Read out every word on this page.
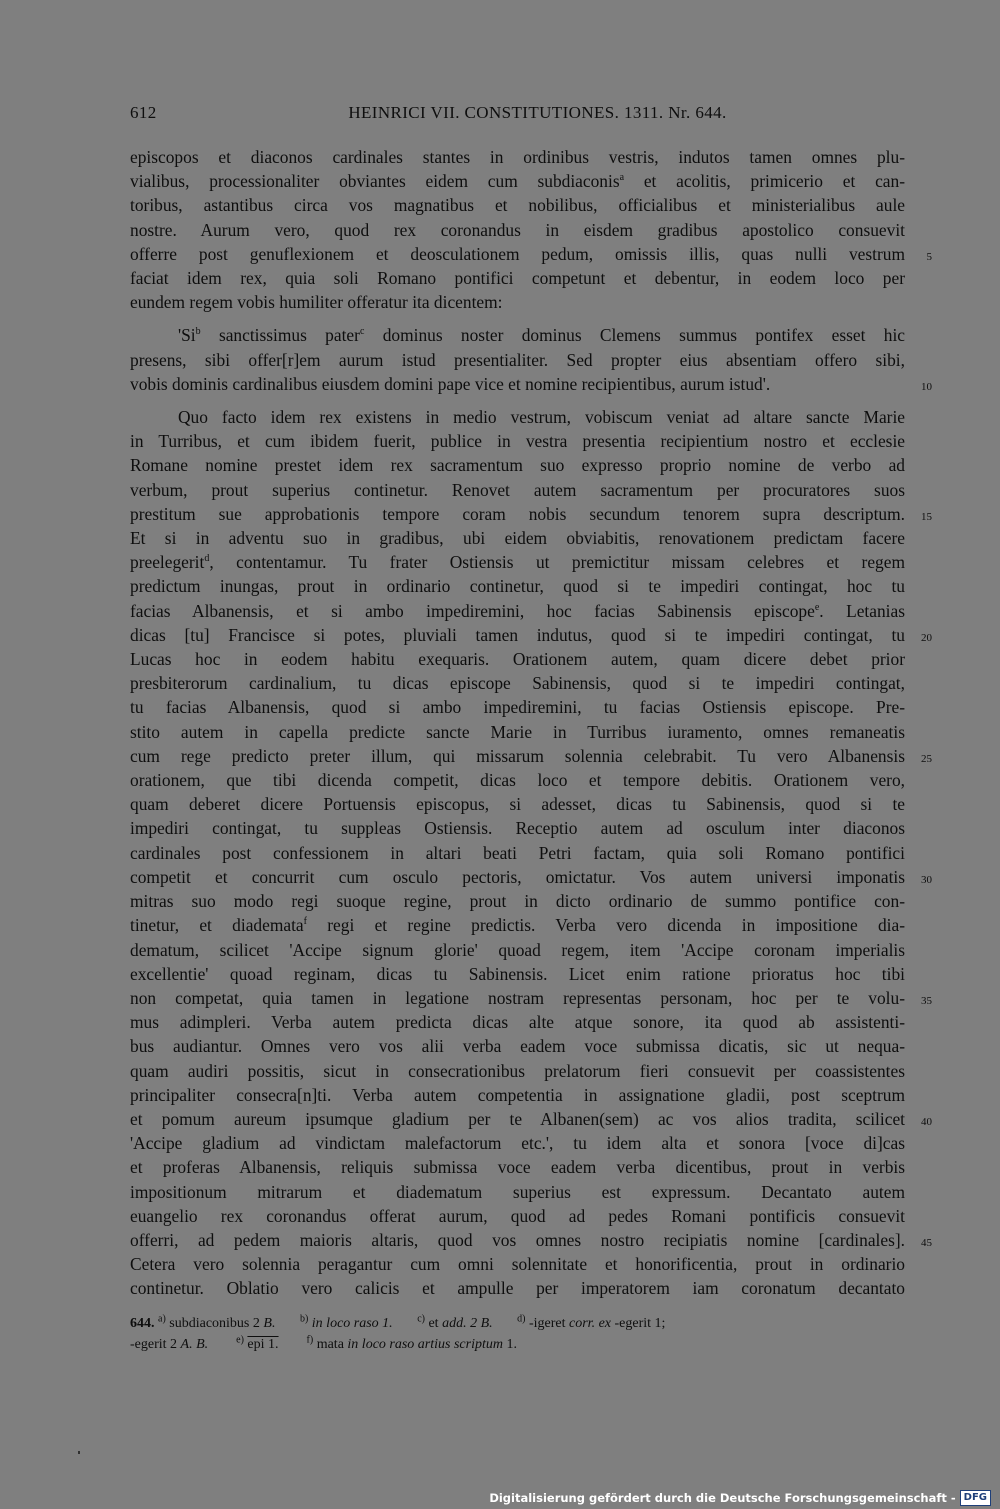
612	HEINRICI VII. CONSTITUTIONES. 1311. Nr. 644.
episcopos et diaconos cardinales stantes in ordinibus vestris, indutos tamen omnes plu-
vialibus, processionaliter obviantes eidem cum subdiaconis$^a$ et acolitis, primicerio et can-
toribus, astantibus circa vos magnatibus et nobilibus, officialibus et ministerialibus aule
nostre. Aurum vero, quod rex coronandus in eisdem gradibus apostolico consuevit
offerre post genuflexionem et deosculationem pedum, omissis illis, quas nulli vestrum 5
faciat idem rex, quia soli Romano pontifici competunt et debentur, in eodem loco per
eundem regem vobis humiliter offeratur ita dicentem:
'Si$^b$ sanctissimus pater$^c$ dominus noster dominus Clemens summus pontifex esset hic
presens, sibi offer[r]em aurum istud presentialiter. Sed propter eius absentiam offero sibi,
vobis dominis cardinalibus eiusdem domini pape vice et nomine recipientibus, aurum istud'.	10
Quo facto idem rex existens in medio vestrum, vobiscum veniat ad altare sancte Marie
in Turribus, et cum ibidem fuerit, publice in vestra presentia recipientium nostro et ecclesie
Romane nomine prestet idem rex sacramentum suo expresso proprio nomine de verbo ad
verbum, prout superius continetur. Renovet autem sacramentum per procuratores suos
prestitum sue approbationis tempore coram nobis secundum tenorem supra descriptum. 15
Et si in adventu suo in gradibus, ubi eidem obviabitis, renovationem predictam facere
preelegerit$^d$, contentamur. Tu frater Ostiensis ut premictitur missam celebres et regem
predictum inungas, prout in ordinario continetur, quod si te impediri contingat, hoc tu
facias Albanensis, et si ambo impediremini, hoc facias Sabinensis episcope$^e$. Letanias
dicas [tu] Francisce si potes, pluviali tamen indutus, quod si te impediri contingat, tu 20
Lucas hoc in eodem habitu exequaris. Orationem autem, quam dicere debet prior
presbiterorum cardinalium, tu dicas episcope Sabinensis, quod si te impediri contingat,
tu facias Albanensis, quod si ambo impediremini, tu facias Ostiensis episcope. Pre-
stito autem in capella predicte sancte Marie in Turribus iuramento, omnes remaneatis
cum rege predicto preter illum, qui missarum solennia celebrabit. Tu vero Albanensis 25
orationem, que tibi dicenda competit, dicas loco et tempore debitis. Orationem vero,
quam deberet dicere Portuensis episcopus, si adesset, dicas tu Sabinensis, quod si te
impediri contingat, tu suppleas Ostiensis. Receptio autem ad osculum inter diaconos
cardinales post confessionem in altari beati Petri factam, quia soli Romano pontifici
competit et concurrit cum osculo pectoris, omictatur. Vos autem universi imponatis 30
mitras suo modo regi suoque regine, prout in dicto ordinario de summo pontifice con-
tinetur, et diademata$^f$ regi et regine predictis. Verba vero dicenda in impositione dia-
dematum, scilicet 'Accipe signum glorie' quoad regem, item 'Accipe coronam imperialis
excellentie' quoad reginam, dicas tu Sabinensis. Licet enim ratione prioratus hoc tibi
non competat, quia tamen in legatione nostram representas personam, hoc per te volu- 35
mus adimpleri. Verba autem predicta dicas alte atque sonore, ita quod ab assistenti-
bus audiantur. Omnes vero vos alii verba eadem voce submissa dicatis, sic ut nequa-
quam audiri possitis, sicut in consecrationibus prelatorum fieri consuevit per coassistentes
principaliter consecra[n]ti. Verba autem competentia in assignatione gladii, post sceptrum
et pomum aureum ipsumque gladium per te Albanen(sem) ac vos alios tradita, scilicet 40
'Accipe gladium ad vindictam malefactorum etc.', tu idem alta et sonora [voce di]cas
et proferas Albanensis, reliquis submissa voce eadem verba dicentibus, prout in verbis
impositionum mitrarum et diadematum superius est expressum. Decantato autem
euangelio rex coronandus offerat aurum, quod ad pedes Romani pontificis consuevit
offerri, ad pedem maioris altaris, quod vos omnes nostro recipiatis nomine [cardinales]. 45
Cetera vero solennia peragantur cum omni solennitate et honorificentia, prout in ordinario
continetur. Oblatio vero calicis et ampulle per imperatorem iam coronatum decantato
644. $^{a)}$ subdiaconibus 2 B. $^{b)}$ in loco raso 1. $^{c)}$ et add. 2 B. $^{d)}$ -igeret corr. ex -egerit 1;
-egerit 2 A. B.	$^{e)}$ epi 1.	$^{f)}$ mata in loco raso artius scriptum 1.
Digitalisierung gefördert durch die Deutsche Forschungsgemeinschaft - DFG
